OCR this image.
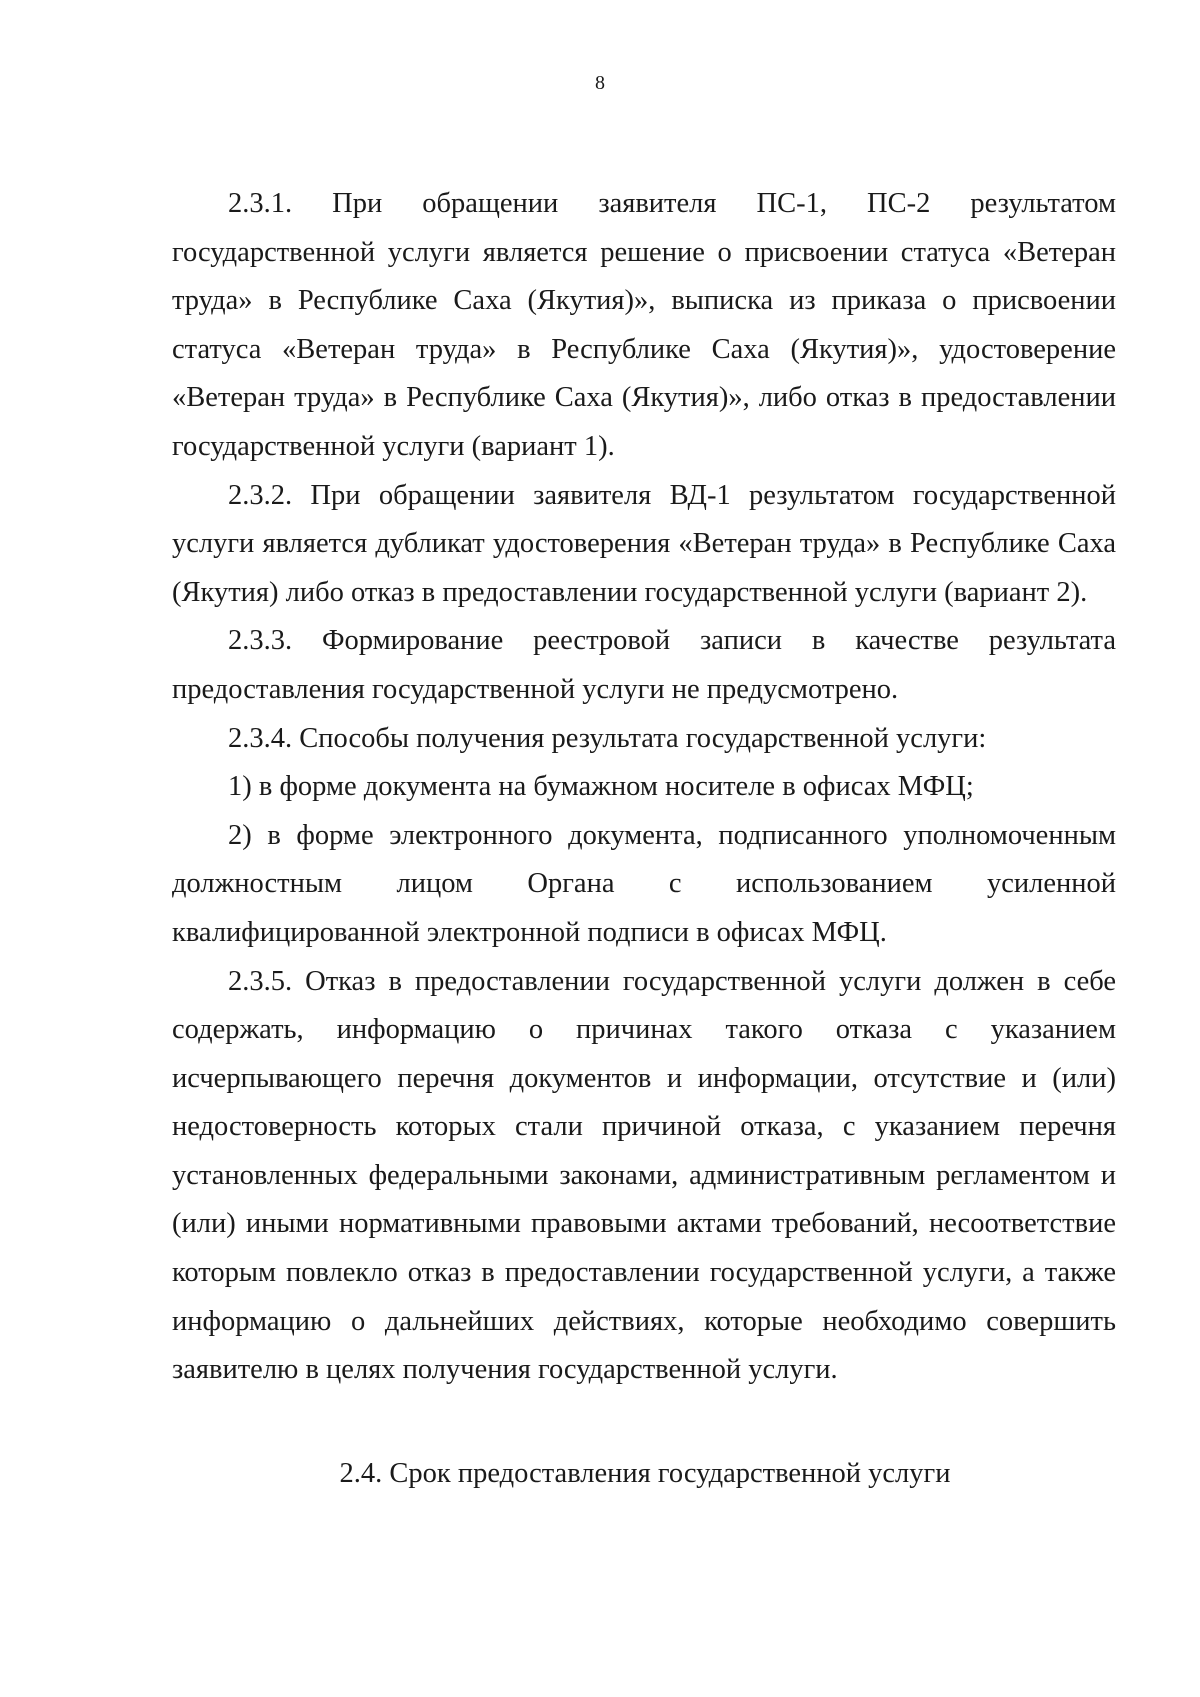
8

2.3.1. При обращении заявителя ПС-1, ПС-2 результатом государственной услуги является решение о присвоении статуса «Ветеран труда» в Республике Саха (Якутия)», выписка из приказа о присвоении статуса «Ветеран труда» в Республике Саха (Якутия)», удостоверение «Ветеран труда» в Республике Саха (Якутия)», либо отказ в предоставлении государственной услуги (вариант 1).

2.3.2. При обращении заявителя ВД-1 результатом государственной услуги является дубликат удостоверения «Ветеран труда» в Республике Саха (Якутия) либо отказ в предоставлении государственной услуги (вариант 2).

2.3.3. Формирование реестровой записи в качестве результата предоставления государственной услуги не предусмотрено.

2.3.4. Способы получения результата государственной услуги:

1) в форме документа на бумажном носителе в офисах МФЦ;

2) в форме электронного документа, подписанного уполномоченным должностным лицом Органа с использованием усиленной квалифицированной электронной подписи в офисах МФЦ.

2.3.5. Отказ в предоставлении государственной услуги должен в себе содержать, информацию о причинах такого отказа с указанием исчерпывающего перечня документов и информации, отсутствие и (или) недостоверность которых стали причиной отказа, с указанием перечня установленных федеральными законами, административным регламентом и (или) иными нормативными правовыми актами требований, несоответствие которым повлекло отказ в предоставлении государственной услуги, а также информацию о дальнейших действиях, которые необходимо совершить заявителю в целях получения государственной услуги.

2.4. Срок предоставления государственной услуги
